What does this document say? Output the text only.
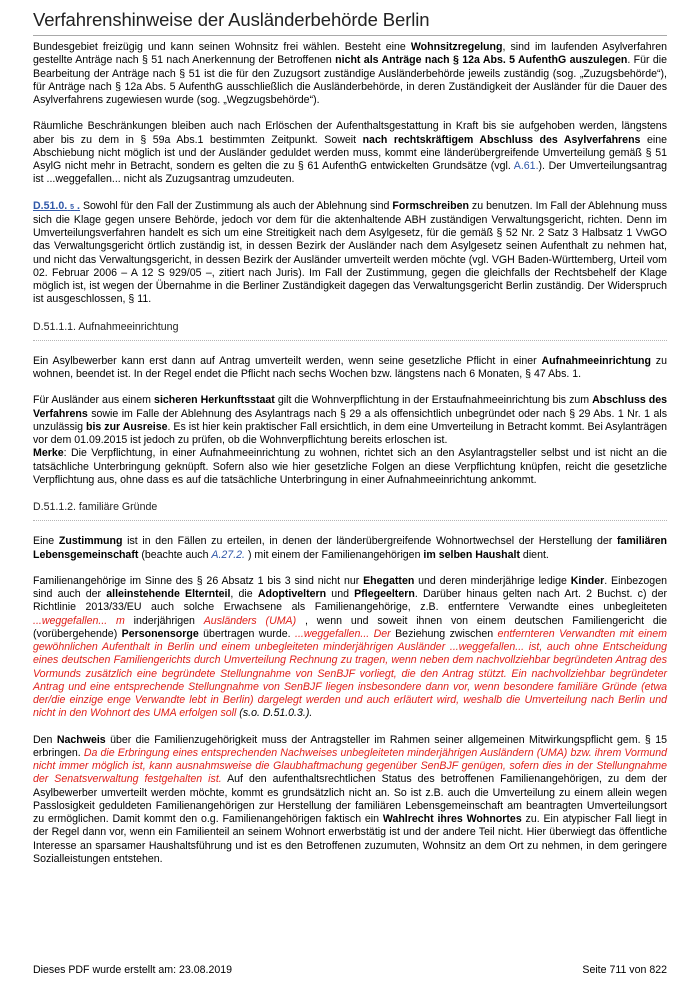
Verfahrenshinweise der Ausländerbehörde Berlin

Bundesgebiet freizügig und kann seinen Wohnsitz frei wählen. Besteht eine Wohnsitzregelung, sind im laufenden Asylverfahren gestellte Anträge nach § 51 nach Anerkennung der Betroffenen nicht als Anträge nach § 12a Abs. 5 AufenthG auszulegen. Für die Bearbeitung der Anträge nach § 51 ist die für den Zuzugsort zuständige Ausländerbehörde jeweils zuständig (sog. „Zuzugsbehörde“), für Anträge nach § 12a Abs. 5 AufenthG ausschließlich die Ausländerbehörde, in deren Zuständigkeit der Ausländer für die Dauer des Asylverfahrens zugewiesen wurde (sog. „Wegzugsbehörde“).

Räumliche Beschränkungen bleiben auch nach Erlöschen der Aufenthaltsgestattung in Kraft bis sie aufgehoben werden, längstens aber bis zu dem in § 59a Abs.1 bestimmten Zeitpunkt. Soweit nach rechtskräftigem Abschluss des Asylverfahrens eine Abschiebung nicht möglich ist und der Ausländer geduldet werden muss, kommt eine länderübergreifende Umverteilung gemäß § 51 AsylG nicht mehr in Betracht, sondern es gelten die zu § 61 AufenthG entwickelten Grundsätze (vgl. A.61.). Der Umverteilungsantrag ist ...weggefallen... nicht als Zuzugsantrag umzudeuten.

D.51.0. 5 . Sowohl für den Fall der Zustimmung als auch der Ablehnung sind Formschreiben zu benutzen. Im Fall der Ablehnung muss sich die Klage gegen unsere Behörde, jedoch vor dem für die aktenhaltende ABH zuständigen Verwaltungsgericht, richten. Denn im Umverteilungsverfahren handelt es sich um eine Streitigkeit nach dem Asylgesetz, für die gemäß § 52 Nr. 2 Satz 3 Halbsatz 1 VwGO das Verwaltungsgericht örtlich zuständig ist, in dessen Bezirk der Ausländer nach dem Asylgesetz seinen Aufenthalt zu nehmen hat, und nicht das Verwaltungsgericht, in dessen Bezirk der Ausländer umverteilt werden möchte (vgl. VGH Baden-Württemberg, Urteil vom 02. Februar 2006 – A 12 S 929/05 –, zitiert nach Juris). Im Fall der Zustimmung, gegen die gleichfalls der Rechtsbehelf der Klage möglich ist, ist wegen der Übernahme in die Berliner Zuständigkeit dagegen das Verwaltungsgericht Berlin zuständig. Der Widerspruch ist ausgeschlossen, § 11.

D.51.1.1. Aufnahmeeinrichtung

Ein Asylbewerber kann erst dann auf Antrag umverteilt werden, wenn seine gesetzliche Pflicht in einer Aufnahmeeinrichtung zu wohnen, beendet ist. In der Regel endet die Pflicht nach sechs Wochen bzw. längstens nach 6 Monaten, § 47 Abs. 1.

Für Ausländer aus einem sicheren Herkunftsstaat gilt die Wohnverpflichtung in der Erstaufnahmeeinrichtung bis zum Abschluss des Verfahrens sowie im Falle der Ablehnung des Asylantrags nach § 29 a als offensichtlich unbegründet oder nach § 29 Abs. 1 Nr. 1 als unzulässig bis zur Ausreise. Es ist hier kein praktischer Fall ersichtlich, in dem eine Umverteilung in Betracht kommt. Bei Asylanträgen vor dem 01.09.2015 ist jedoch zu prüfen, ob die Wohnverpflichtung bereits erloschen ist.
Merke: Die Verpflichtung, in einer Aufnahmeeinrichtung zu wohnen, richtet sich an den Asylantragsteller selbst und ist nicht an die tatsächliche Unterbringung geknüpft. Sofern also wie hier gesetzliche Folgen an diese Verpflichtung knüpfen, reicht die gesetzliche Verpflichtung aus, ohne dass es auf die tatsächliche Unterbringung in einer Aufnahmeeinrichtung ankommt.

D.51.1.2. familiäre Gründe

Eine Zustimmung ist in den Fällen zu erteilen, in denen der länderübergreifende Wohnortwechsel der Herstellung der familiären Lebensgemeinschaft (beachte auch A.27.2. ) mit einem der Familienangehörigen im selben Haushalt dient.

Familienangehörige im Sinne des § 26 Absatz 1 bis 3 sind nicht nur Ehegatten und deren minderjährige ledige Kinder. Einbezogen sind auch der alleinstehende Elternteil, die Adoptiveltern und Pflegeeltern. Darüber hinaus gelten nach Art. 2 Buchst. c) der Richtlinie 2013/33/EU auch solche Erwachsene als Familienangehörige, z.B. entfernterе Verwandte eines unbegleiteten ...weggefallen... m inderjährigen Ausländers (UMA) , wenn und soweit ihnen von einem deutschen Familiengericht die (vorübergehende) Personensorge übertragen wurde. ...weggefallen... Der Beziehung zwischen entfernteren Verwandten mit einem gewöhnlichen Aufenthalt in Berlin und einem unbegleiteten minderjährigen Ausländer ...weggefallen... ist, auch ohne Entscheidung eines deutschen Familiengerichts durch Umverteilung Rechnung zu tragen, wenn neben dem nachvollziehbar begründeten Antrag des Vormunds zusätzlich eine begründete Stellungnahme von SenBJF vorliegt, die den Antrag stützt. Ein nachvollziehbar begründeter Antrag und eine entsprechende Stellungnahme von SenBJF liegen insbesondere dann vor, wenn besondere familiäre Gründe (etwa der/die einzige enge Verwandte lebt in Berlin) dargelegt werden und auch erläutert wird, weshalb die Umverteilung nach Berlin und nicht in den Wohnort des UMA erfolgen soll (s.o. D.51.0.3.).

Den Nachweis über die Familienzugehörigkeit muss der Antragsteller im Rahmen seiner allgemeinen Mitwirkungspflicht gem. § 15 erbringen. Da die Erbringung eines entsprechenden Nachweises unbegleiteten minderjährigen Ausländern (UMA) bzw. ihrem Vormund nicht immer möglich ist, kann ausnahmsweise die Glaubhaftmachung gegenüber SenBJF genügen, sofern dies in der Stellungnahme der Senatsverwaltung festgehalten ist. Auf den aufenthaltsrechtlichen Status des betroffenen Familienangehörigen, zu dem der Asylbewerber umverteilt werden möchte, kommt es grundsätzlich nicht an. So ist z.B. auch die Umverteilung zu einem allein wegen Passlosigkeit geduldeten Familienangehörigen zur Herstellung der familiären Lebensgemeinschaft am beantragten Umverteilungsort zu ermöglichen. Damit kommt den o.g. Familienangehörigen faktisch ein Wahlrecht ihres Wohnortes zu. Ein atypischer Fall liegt in der Regel dann vor, wenn ein Familienteil an seinem Wohnort erwerbstätig ist und der andere Teil nicht. Hier überwiegt das öffentliche Interesse an sparsamer Haushaltsführung und ist es den Betroffenen zuzumuten, Wohnsitz an dem Ort zu nehmen, in dem geringere Sozialleistungen entstehen.

Dieses PDF wurde erstellt am: 23.08.2019	Seite 711 von 822
